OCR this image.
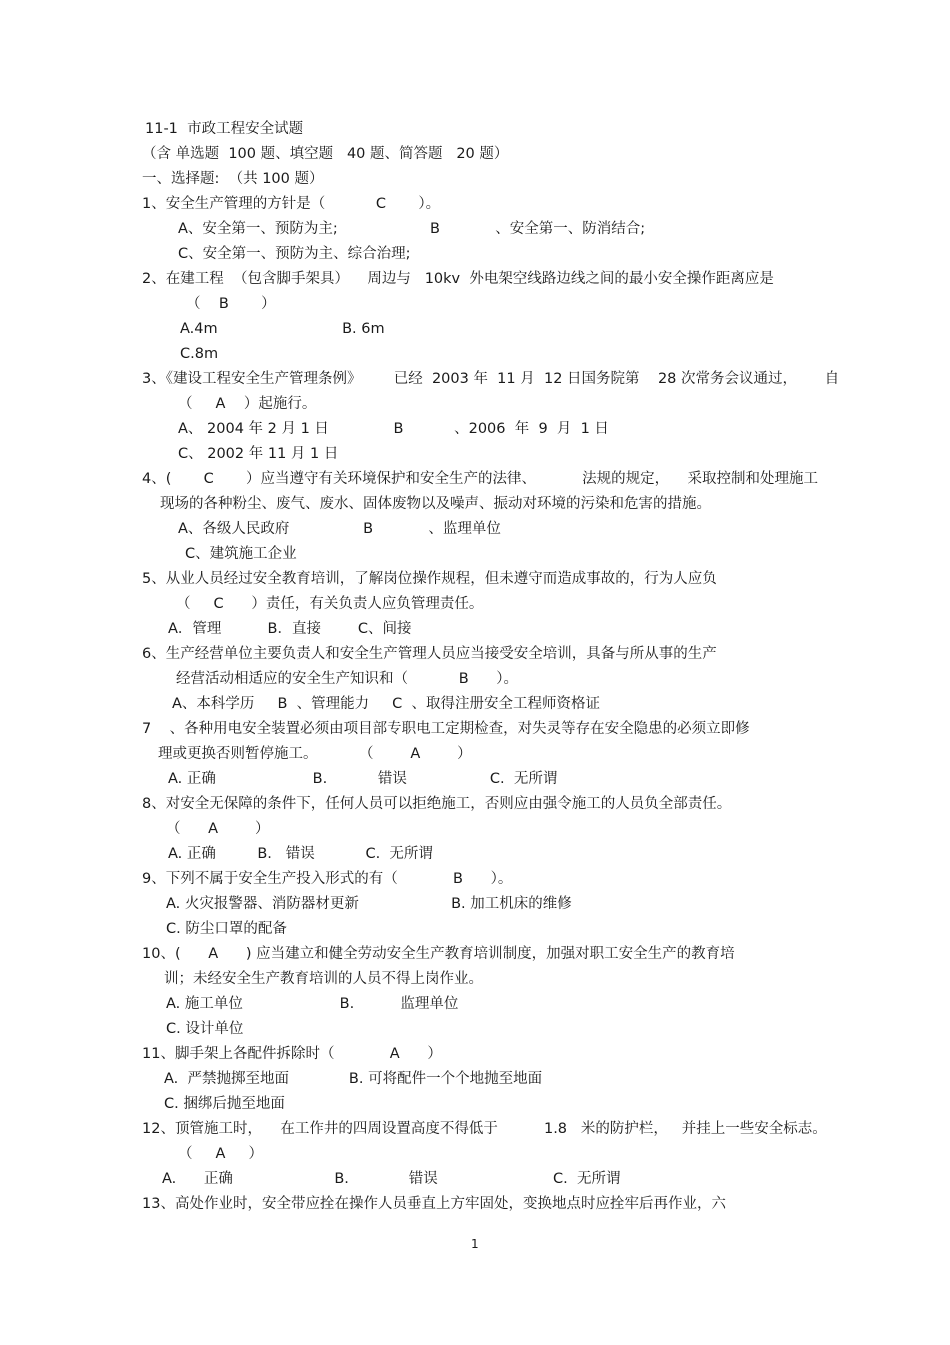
11-1  市政工程安全试题

（含 单选题  100 题、填空题   40 题、简答题   20 题）

一、选择题:  （共 100 题）

1、安全生产管理的方针是（           C       ）。

A、安全第一、预防为主;                    B            、安全第一、防消结合;

C、安全第一、预防为主、综合治理;

2、在建工程  （包含脚手架具）    周边与   10kv  外电架空线路边线之间的最小安全操作距离应是

（    B       ）

A.4m                           B. 6m

C.8m

3、《建设工程安全生产管理条例》       已经  2003 年  11 月  12 日国务院第    28 次常务会议通过，      自

（     A    ）起施行。

A、 2004 年 2 月 1 日              B           、2006  年  9  月  1 日

C、 2002 年 11 月 1 日

4、(       C       ）应当遵守有关环境保护和安全生产的法律、          法规的规定，    采取控制和处理施工

现场的各种粉尘、废气、废水、固体废物以及噪声、振动对环境的污染和危害的措施。

A、各级人民政府                B            、监理单位

C、建筑施工企业

5、从业人员经过安全教育培训，了解岗位操作规程，但未遵守而造成事故的，行为人应负

（     C      ）责任，有关负责人应负管理责任。

A．管理          B．直接        C、间接

6、生产经营单位主要负责人和安全生产管理人员应当接受安全培训，具备与所从事的生产

经营活动相适应的安全生产知识和（           B      ）。

A、本科学历     B  、管理能力     C  、取得注册安全工程师资格证

7    、各种用电安全装置必须由项目部专职电工定期检查，对失灵等存在安全隐患的必须立即修

理或更换否则暂停施工。         （        A        ）

A. 正确                     B.           错误                  C.  无所谓

8、对安全无保障的条件下，任何人员可以拒绝施工，否则应由强令施工的人员负全部责任。

（      A        ）

A. 正确         B.   错误           C.  无所谓

9、下列不属于安全生产投入形式的有（            B      ）。

A. 火灾报警器、消防器材更新                    B. 加工机床的维修

C. 防尘口罩的配备

10、(      A      ) 应当建立和健全劳动安全生产教育培训制度，加强对职工安全生产的教育培

训；未经安全生产教育培训的人员不得上岗作业。

A. 施工单位                     B.          监理单位

C. 设计单位

11、脚手架上各配件拆除时（            A      ）

A.  严禁抛掷至地面             B. 可将配件一个个地抛至地面

C. 捆绑后抛至地面

12、顶管施工时，    在工作井的四周设置高度不得低于          1.8   米的防护栏，   并挂上一些安全标志。

（     A     ）

A.      正确                      B.             错误                         C.  无所谓

13、高处作业时，安全带应拴在操作人员垂直上方牢固处，变换地点时应拴牢后再作业，六

1
